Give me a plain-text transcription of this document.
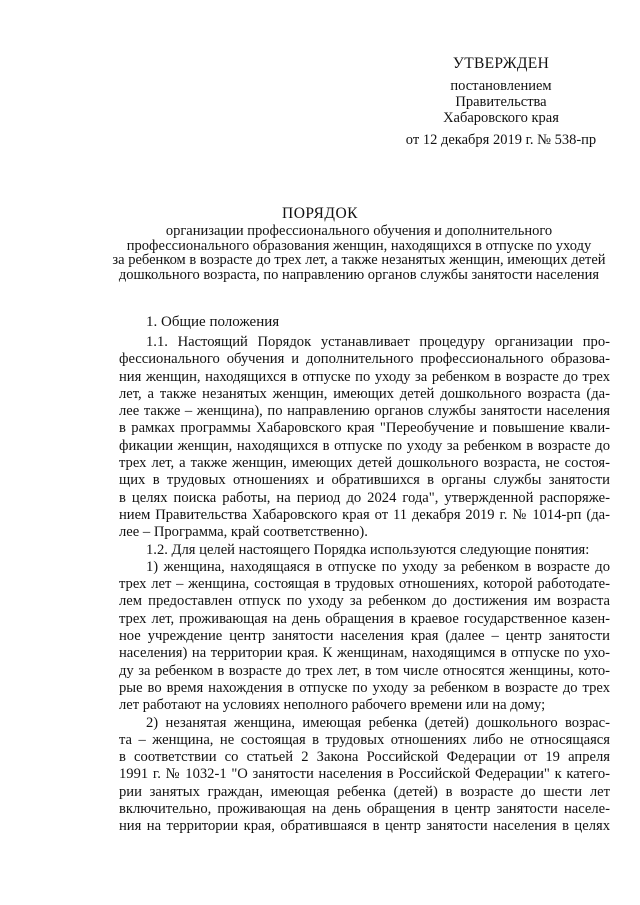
УТВЕРЖДЕН
постановлением
Правительства
Хабаровского края
от 12 декабря 2019 г. № 538-пр
ПОРЯДОК
организации профессионального обучения и дополнительного
профессионального образования женщин, находящихся в отпуске по уходу
за ребенком в возрасте до трех лет, а также незанятых женщин, имеющих детей
дошкольного возраста, по направлению органов службы занятости населения
1. Общие положения
1.1. Настоящий Порядок устанавливает процедуру организации про-
фессионального обучения и дополнительного профессионального образова-
ния женщин, находящихся в отпуске по уходу за ребенком в возрасте до трех
лет, а также незанятых женщин, имеющих детей дошкольного возраста (да-
лее также – женщина), по направлению органов службы занятости населения
в рамках программы Хабаровского края "Переобучение и повышение квали-
фикации женщин, находящихся в отпуске по уходу за ребенком в возрасте до
трех лет, а также женщин, имеющих детей дошкольного возраста, не состоя-
щих в трудовых отношениях и обратившихся в органы службы занятости
в целях поиска работы, на период до 2024 года", утвержденной распоряже-
нием Правительства Хабаровского края от 11 декабря 2019 г. № 1014-рп (да-
лее – Программа, край соответственно).
1.2. Для целей настоящего Порядка используются следующие понятия:
1) женщина, находящаяся в отпуске по уходу за ребенком в возрасте до
трех лет – женщина, состоящая в трудовых отношениях, которой работодате-
лем предоставлен отпуск по уходу за ребенком до достижения им возраста
трех лет, проживающая на день обращения в краевое государственное казен-
ное учреждение центр занятости населения края (далее – центр занятости
населения) на территории края. К женщинам, находящимся в отпуске по ухо-
ду за ребенком в возрасте до трех лет, в том числе относятся женщины, кото-
рые во время нахождения в отпуске по уходу за ребенком в возрасте до трех
лет работают на условиях неполного рабочего времени или на дому;
2) незанятая женщина, имеющая ребенка (детей) дошкольного возрас-
та – женщина, не состоящая в трудовых отношениях либо не относящаяся
в соответствии со статьей 2 Закона Российской Федерации от 19 апреля
1991 г. № 1032-1 "О занятости населения в Российской Федерации" к катего-
рии занятых граждан, имеющая ребенка (детей) в возрасте до шести лет
включительно, проживающая на день обращения в центр занятости населе-
ния на территории края, обратившаяся в центр занятости населения в целях
